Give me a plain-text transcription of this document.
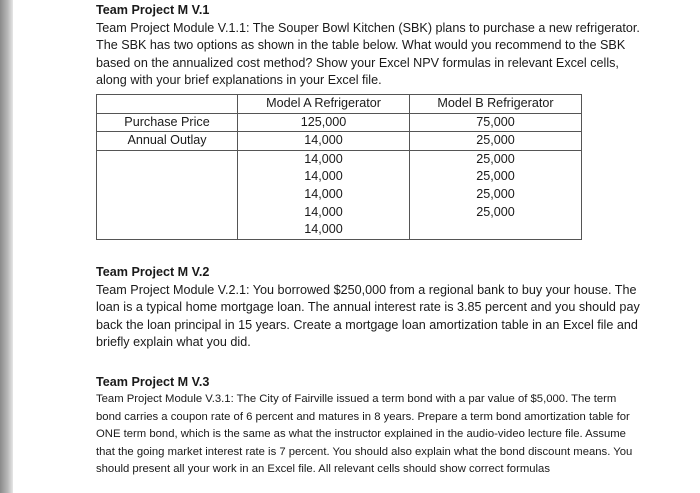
Team Project M V.1

Team Project Module V.1.1: The Souper Bowl Kitchen (SBK) plans to purchase a new refrigerator. The SBK has two options as shown in the table below. What would you recommend to the SBK based on the annualized cost method? Show your Excel NPV formulas in relevant Excel cells, along with your brief explanations in your Excel file.

	Model A Refrigerator	Model B Refrigerator
Purchase Price	125,000	75,000
Annual Outlay	14,000	25,000
	14,000	25,000
	14,000	25,000
	14,000	25,000
	14,000	25,000
	14,000	

Team Project M V.2

Team Project Module V.2.1: You borrowed $250,000 from a regional bank to buy your house. The loan is a typical home mortgage loan. The annual interest rate is 3.85 percent and you should pay back the loan principal in 15 years. Create a mortgage loan amortization table in an Excel file and briefly explain what you did.

Team Project M V.3

Team Project Module V.3.1: The City of Fairville issued a term bond with a par value of $5,000. The term bond carries a coupon rate of 6 percent and matures in 8 years. Prepare a term bond amortization table for ONE term bond, which is the same as what the instructor explained in the audio-video lecture file. Assume that the going market interest rate is 7 percent. You should also explain what the bond discount means. You should present all your work in an Excel file. All relevant cells should show correct formulas
